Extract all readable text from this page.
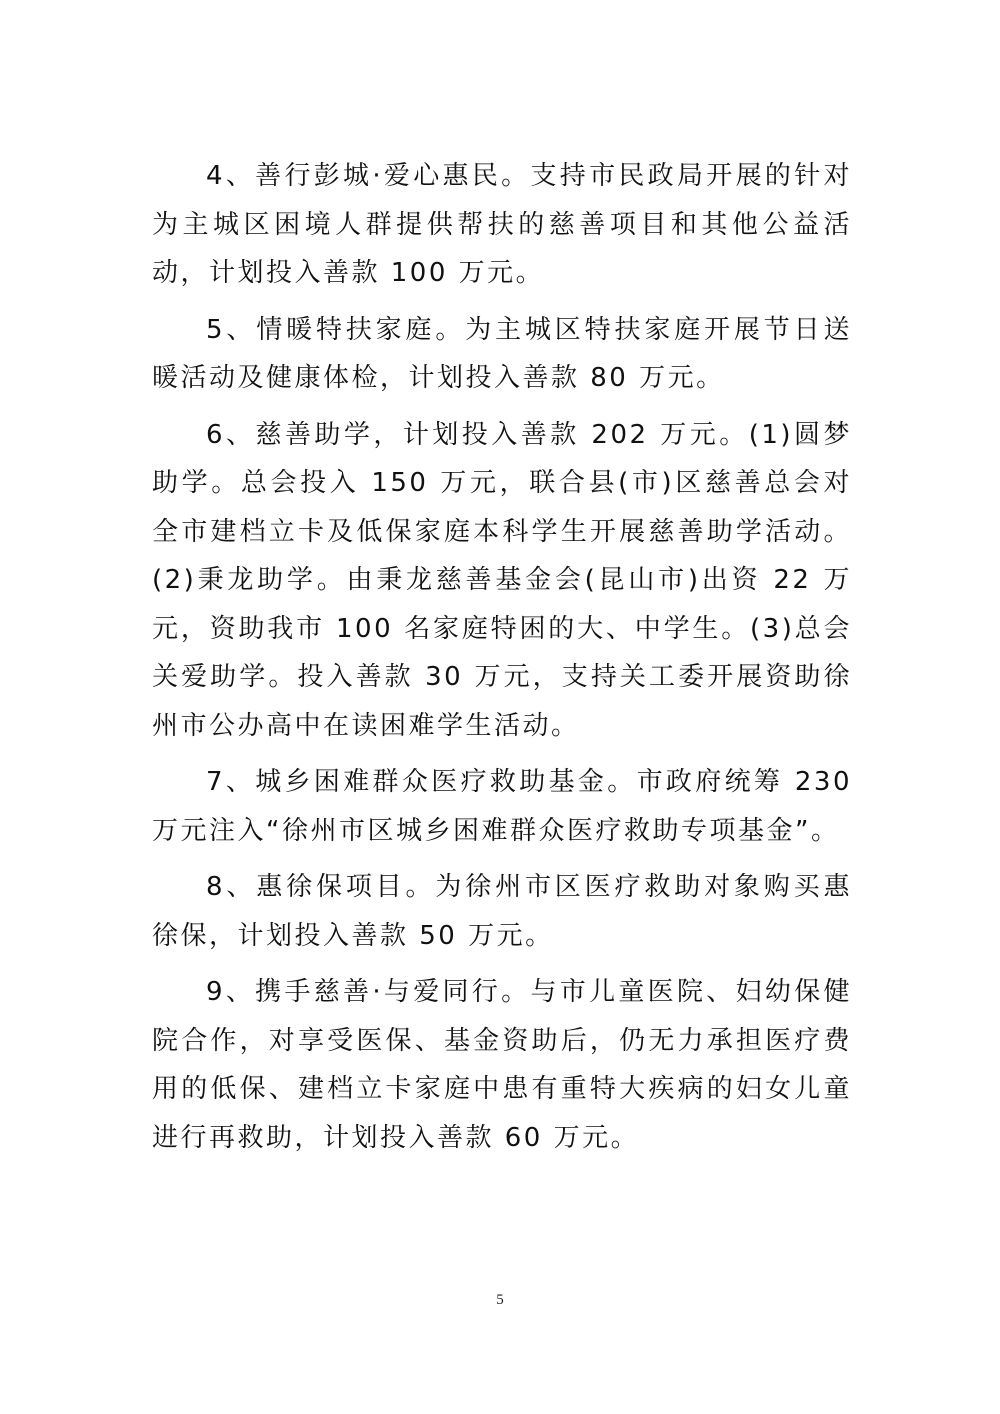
4、善行彭城·爱心惠民。支持市民政局开展的针对为主城区困境人群提供帮扶的慈善项目和其他公益活动，计划投入善款 100 万元。

5、情暖特扶家庭。为主城区特扶家庭开展节日送暖活动及健康体检，计划投入善款 80 万元。

6、慈善助学，计划投入善款 202 万元。(1)圆梦助学。总会投入 150 万元，联合县(市)区慈善总会对全市建档立卡及低保家庭本科学生开展慈善助学活动。(2)秉龙助学。由秉龙慈善基金会(昆山市)出资 22 万元，资助我市 100 名家庭特困的大、中学生。(3)总会关爱助学。投入善款 30 万元，支持关工委开展资助徐州市公办高中在读困难学生活动。

7、城乡困难群众医疗救助基金。市政府统筹 230 万元注入“徐州市区城乡困难群众医疗救助专项基金”。

8、惠徐保项目。为徐州市区医疗救助对象购买惠徐保，计划投入善款 50 万元。

9、携手慈善·与爱同行。与市儿童医院、妇幼保健院合作，对享受医保、基金资助后，仍无力承担医疗费用的低保、建档立卡家庭中患有重特大疾病的妇女儿童进行再救助，计划投入善款 60 万元。

5
